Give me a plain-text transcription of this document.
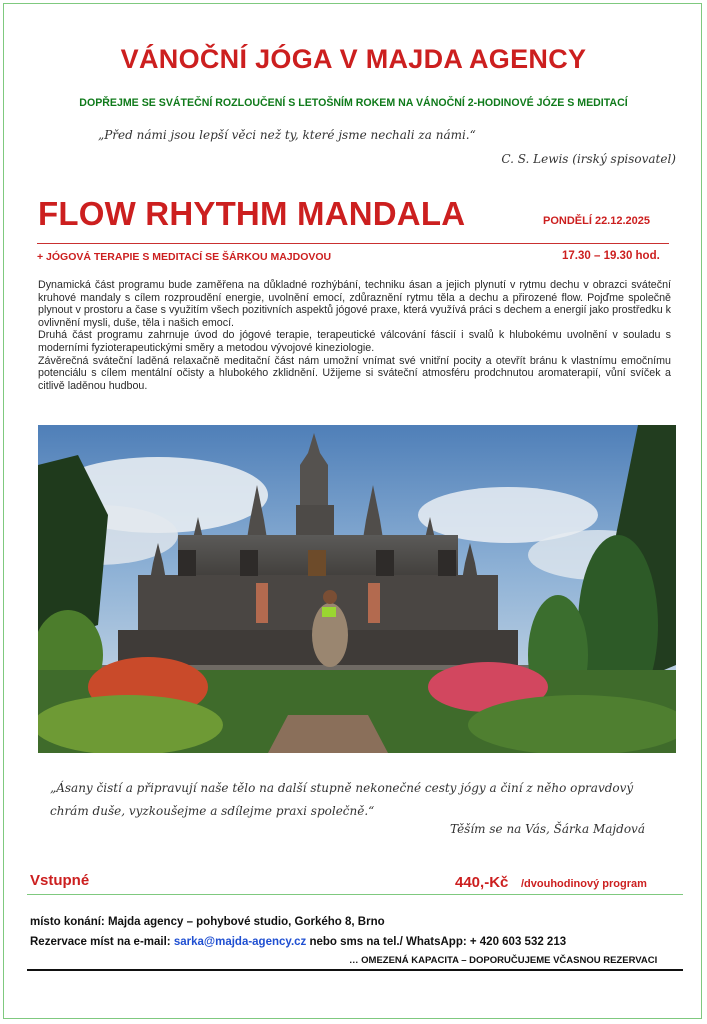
VÁNOČNÍ JÓGA V MAJDA AGENCY
DOPŘEJME SE SVÁTEČNÍ ROZLOUČENÍ S LETOŠNÍM ROKEM NA VÁNOČNÍ 2-HODINOVÉ JÓZE S MEDITACÍ
„Před námi jsou lepší věci než ty, které jsme nechali za námi.“
C. S. Lewis (irský spisovatel)
FLOW RHYTHM MANDALA	PONDĚLÍ 22.12.2025
+ JÓGOVÁ TERAPIE S MEDITACÍ SE ŠÁRKOU MAJDOVOU	17.30 – 19.30 hod.

Dynamická část programu bude zaměřena na důkladné rozhýbání, techniku ásan a jejich plynutí v rytmu dechu v obrazci sváteční kruhové mandaly s cílem rozproudění energie, uvolnění emocí, zdůraznění rytmu těla a dechu a přirozené flow. Pojďme společně plynout v prostoru a čase s využitím všech pozitivních aspektů jógové praxe, která využívá práci s dechem a energií jako prostředku k ovlivnění mysli, duše, těla i našich emocí.

Druhá část programu zahrnuje úvod do jógové terapie, terapeutické válcování fáscií i svalů k hlubokému uvolnění v souladu s moderními fyzioterapeutickými směry a metodou vývojové kineziologie.

Závěrečná sváteční laděná relaxačně meditační část nám umožní vnímat své vnitřní pocity a otevřít bránu k vlastnímu emočnímu potenciálu s cílem mentální očisty a hlubokého zklidnění. Užijeme si sváteční atmosféru prodchnutou aromaterapií, vůní svíček a citlivě laděnou hudbou.

„Ásany čistí a připravují naše tělo na další stupně nekonečné cesty jógy a činí z něho opravdový chrám duše, vyzkoušejme a sdílejme praxi společně.“
Těším se na Vás, Šárka Majdová
Vstupné	440,-Kč /dvouhodinový program
místo konání: Majda agency – pohybové studio, Gorkého 8, Brno
Rezervace míst na e-mail: sarka@majda-agency.cz nebo sms na tel./ WhatsApp: + 420 603 532 213
… OMEZENÁ KAPACITA – DOPORUČUJEME VČASNOU REZERVACI
